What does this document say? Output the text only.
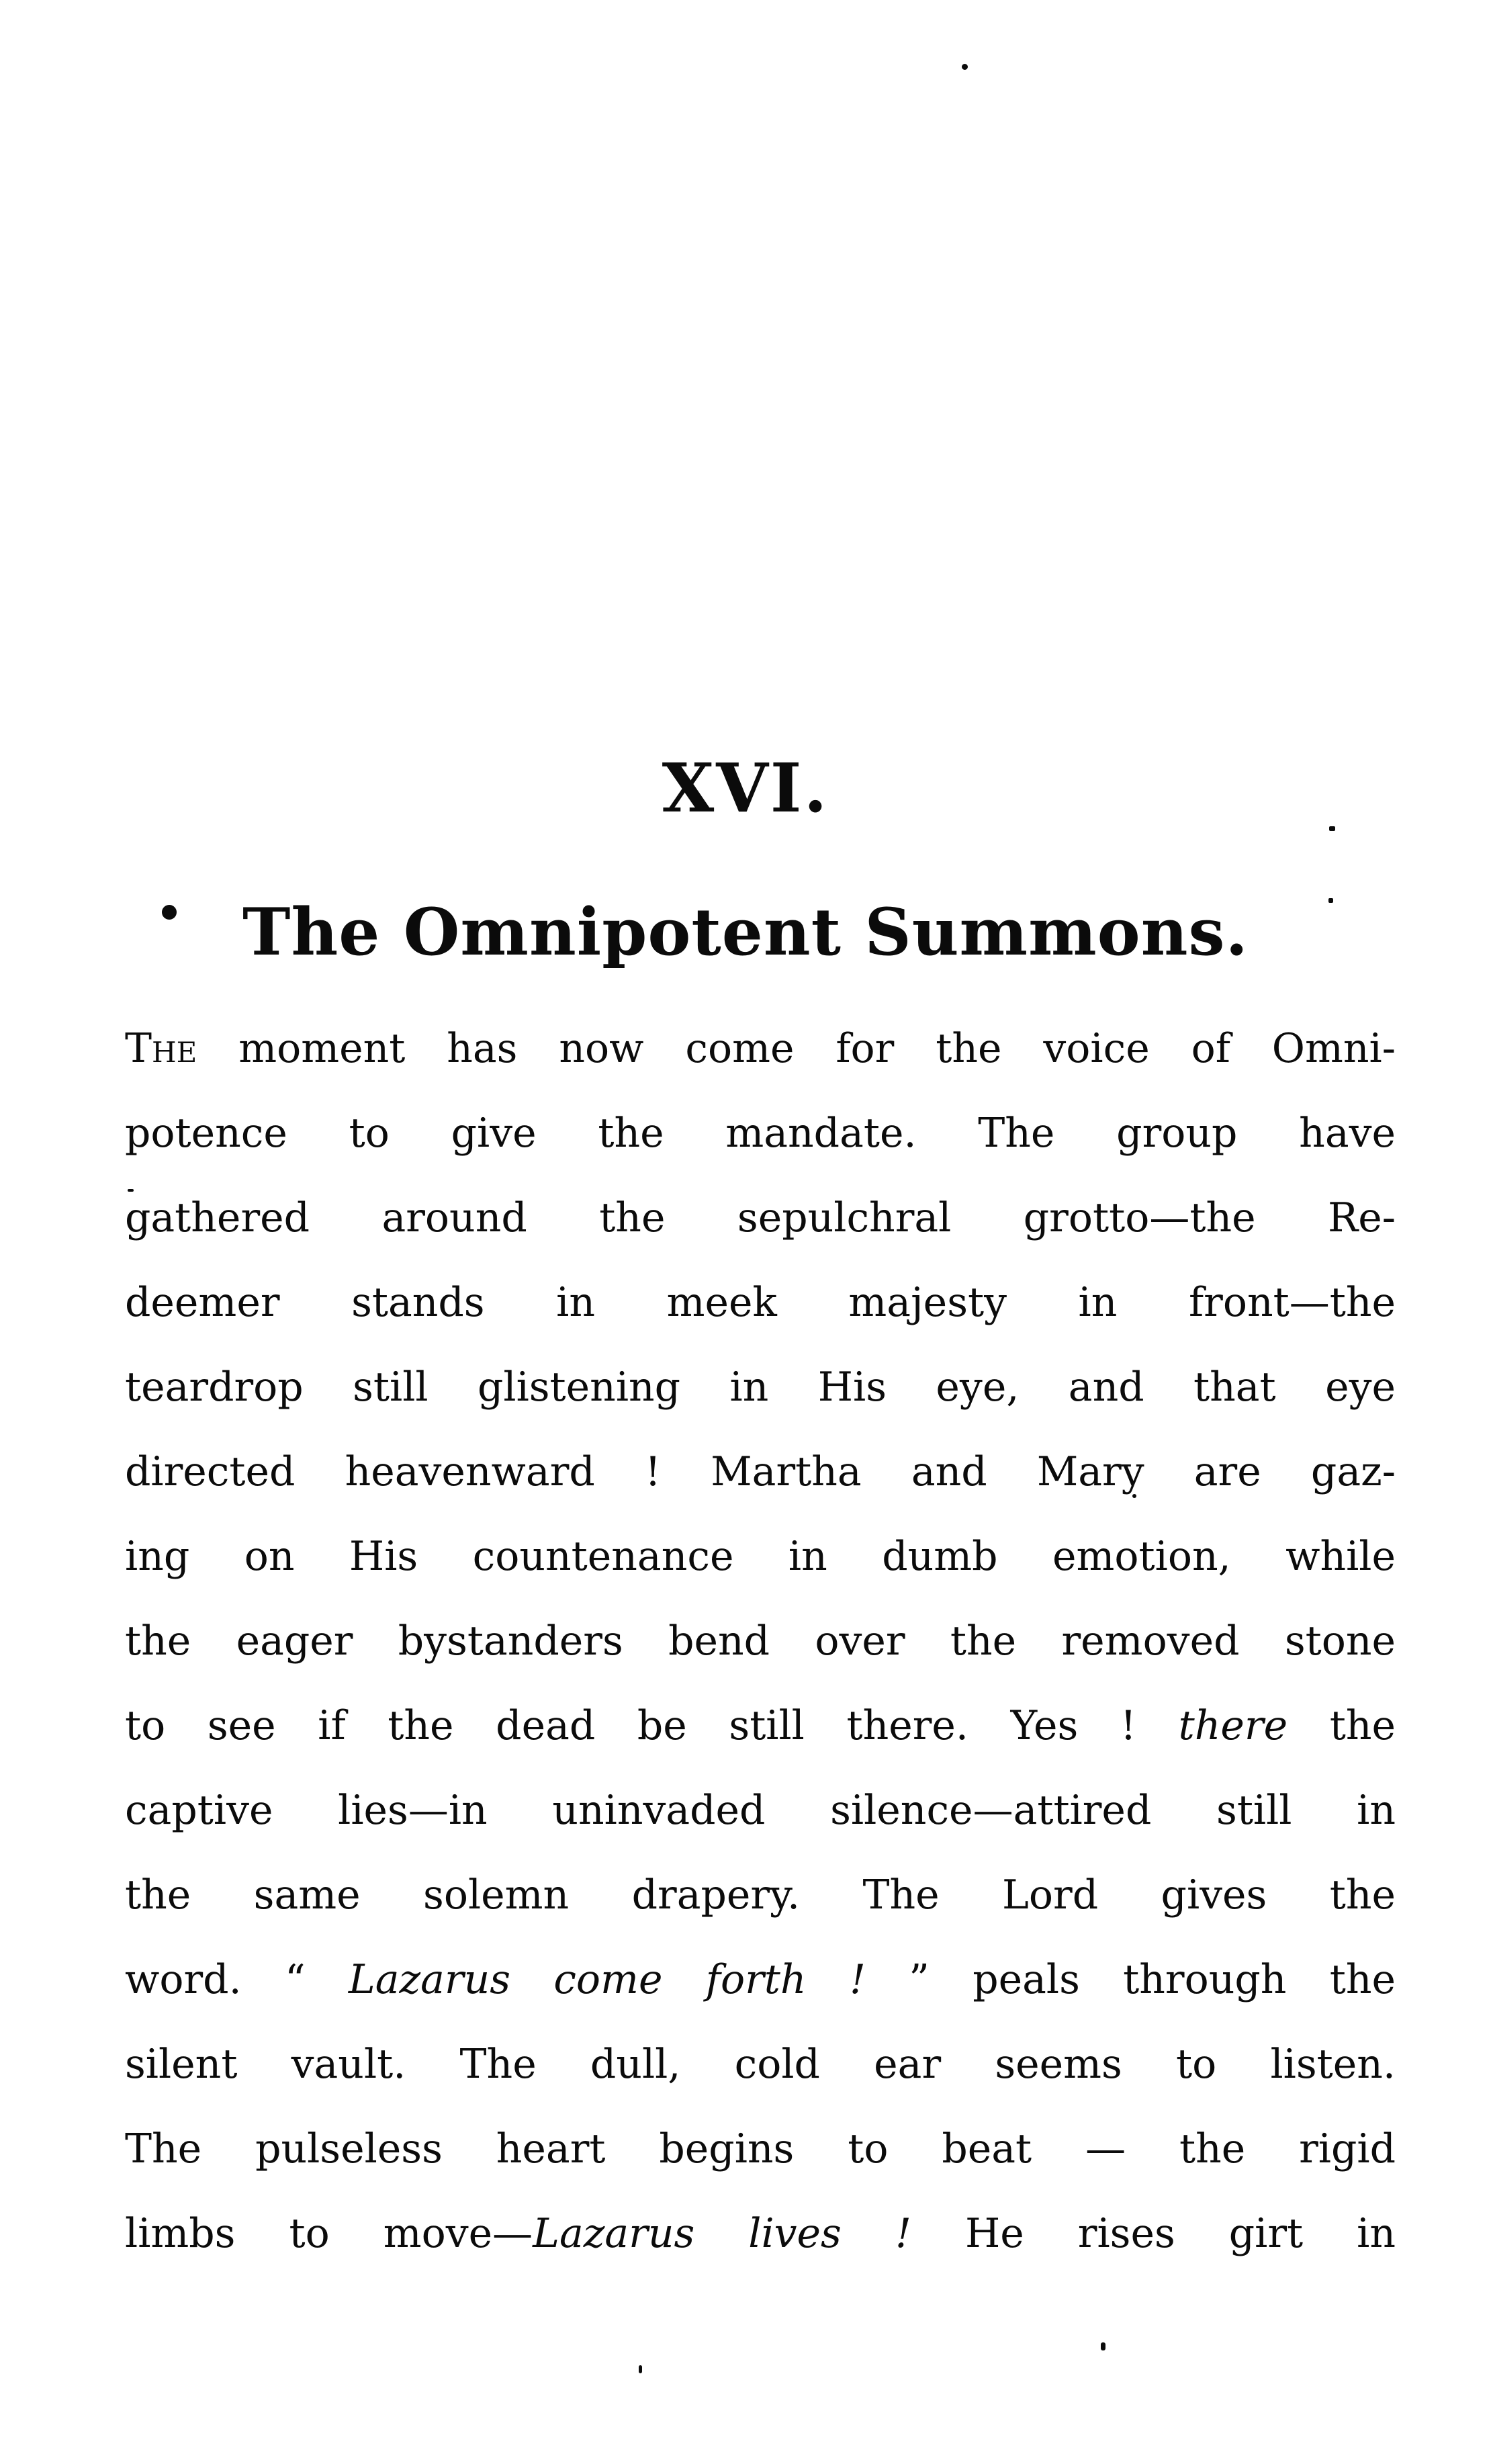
XVI.
The Omnipotent Summons.
The moment has now come for the voice of Omni-
potence to give the mandate. The group have
gathered around the sepulchral grotto—the Re-
deemer stands in meek majesty in front—the
teardrop still glistening in His eye, and that eye
directed heavenward ! Martha and Mary are gaz-
ing on His countenance in dumb emotion, while
the eager bystanders bend over the removed stone
to see if the dead be still there. Yes ! there the
captive lies—in uninvaded silence—attired still in
the same solemn drapery. The Lord gives the
word. “ Lazarus come forth ! ” peals through the
silent vault. The dull, cold ear seems to listen.
The pulseless heart begins to beat — the rigid
limbs to move—Lazarus lives ! He rises girt in
